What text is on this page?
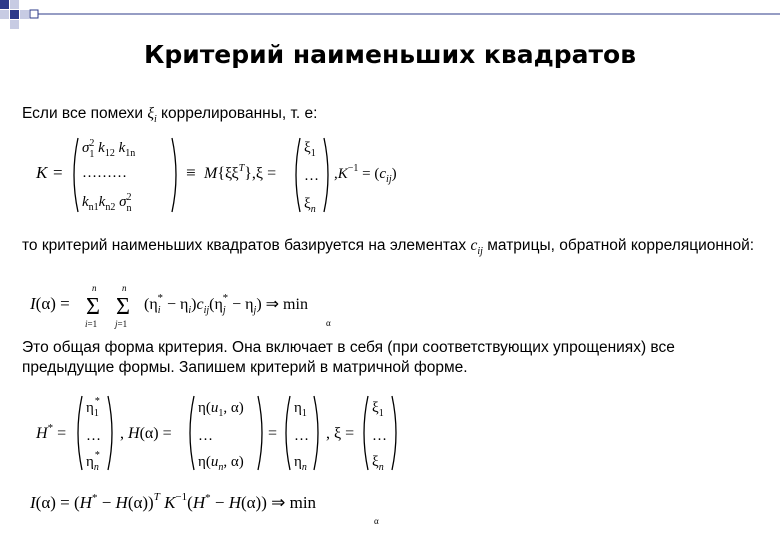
Критерий наименьших квадратов
Если все помехи $\xi_i$ коррелированны, т. е:
K =
$\sigma^2$ 1 $k_{12}$ $k_{1n}$
………
$k_{n1}k_{n2}$ $\sigma^2$ n
≡ $M\{\xi\xi^T\},\xi$ =
$\xi_1$
…
$\xi_n$
$,K^{-1} = (c_{ij})$
то критерий наименьших квадратов базируется на элементах $c_{ij}$ матрицы, обратной корреляционной:
I(α) =
n
Σ
i=1
n
Σ
j=1
$(\eta_i* - \eta_i)c_{ij}(\eta_j* - \eta_j)$ ⇒ min
α
Это общая форма критерия. Она включает в себя (при соответствующих упрощениях) все предыдущие формы. Запишем критерий в матричной форме.
H* =
$\eta_1*$
…
$\eta_n*$
, H(α) =
$\eta(u_1$, α)
…
$\eta(u_n$, α)
=
$\eta_1$
…
$\eta_n$
, ξ =
$\xi_1$
…
$\xi_n$
$I(\alpha) = (H^* - H(\alpha))^T$ $K^{-1}(H^* - H(\alpha))$ ⇒ min
α
